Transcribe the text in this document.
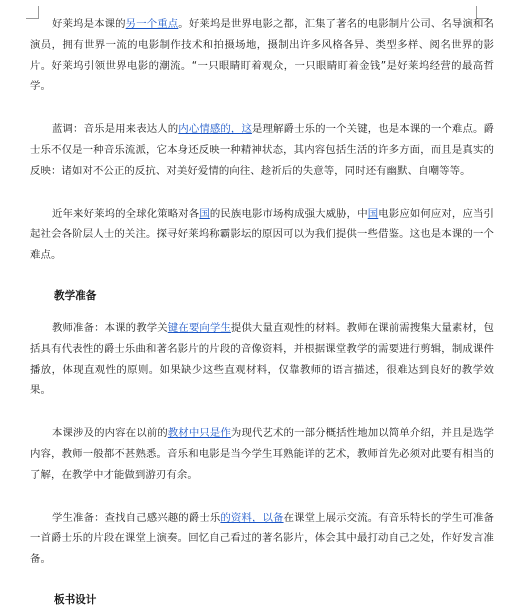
好莱坞是本课的另一个重点。好莱坞是世界电影之都，汇集了著名的电影制片公司、名导演和名演员，拥有世界一流的电影制作技术和拍摄场地，摄制出许多风格各异、类型多样、阅名世界的影片。好莱坞引领世界电影的潮流。“一只眼睛盯着观众，一只眼睛盯着金钱”是好莱坞经营的最高哲学。

蓝调：音乐是用来表达人的内心情感的，这是理解爵士乐的一个关键，也是本课的一个难点。爵士乐不仅是一种音乐流派，它本身还反映一种精神状态，其内容包括生活的许多方面，而且是真实的反映：诸如对不公正的反抗、对美好爱情的向往、趁祈后的失意等，同时还有幽默、自嘲等等。

近年来好莱坞的全球化策略对各国的民族电影市场构成强大威胁，中国电影应如何应对，应当引起社会各阶层人士的关注。探寻好莱坞称霸影坛的原因可以为我们提供一些借鉴。这也是本课的一个难点。

教学准备

教师准备：本课的教学关键在要向学生提供大量直观性的材料。教师在课前需搜集大量素材，包括具有代表性的爵士乐曲和著名影片的片段的音像资料，并根据课堂教学的需要进行剪辑，制成课件播放，体现直观性的原则。如果缺少这些直观材料，仅靠教师的语言描述，很难达到良好的教学效果。

本课涉及的内容在以前的教材中只是作为现代艺术的一部分概括性地加以简单介绍，并且是选学内容，教师一般都不甚熟悉。音乐和电影是当今学生耳熟能详的艺术，教师首先必须对此要有相当的了解，在教学中才能做到游刃有余。

学生准备：查找自己感兴趣的爵士乐的资料，以备在课堂上展示交流。有音乐特长的学生可准备一首爵士乐的片段在课堂上演奏。回忆自己看过的著名影片，体会其中最打动自己之处，作好发言准备。

板书设计
